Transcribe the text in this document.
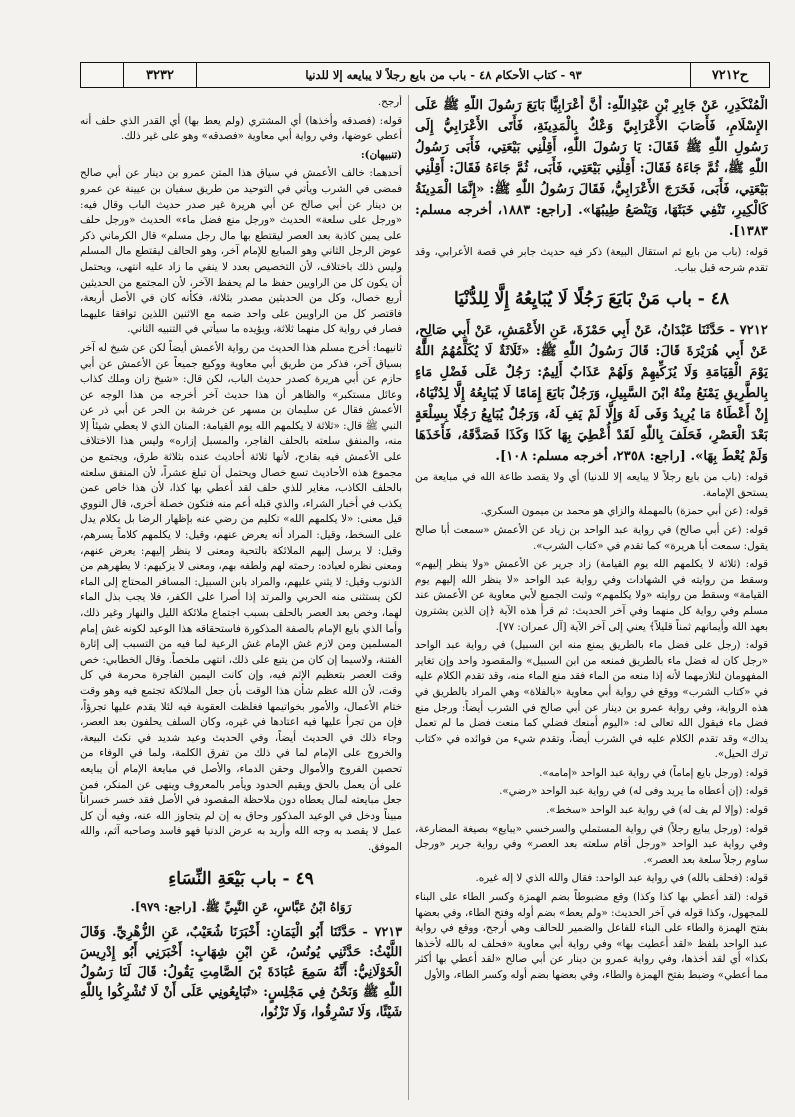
ح٧٢١٢
٩٣ - كتاب الأحكام ٤٨ - باب من بايع رجلاً لا يبايعه إلا للدنيا
٣٢٣٢

الْمُنْكَدِرِ، عَنْ جَابِرِ بْنِ عَبْدِاللّٰهِ: أَنَّ أَعْرَابِيًّا بَايَعَ رَسُولَ اللّٰهِ ﷺ عَلَى الإِسْلَامِ، فَأَصَابَ الأَعْرَابِيَّ وَعْكٌ بِالْمَدِينَةِ، فَأَتَى الأَعْرَابِيُّ إِلَى رَسُولِ اللّٰهِ ﷺ فَقَالَ: يَا رَسُولَ اللّٰهِ، أَقِلْنِي بَيْعَتِي، فَأَبَى رَسُولُ اللّٰهِ ﷺ، ثُمَّ جَاءَهُ فَقَالَ: أَقِلْنِي بَيْعَتِي، فَأَبَى، ثُمَّ جَاءَهُ فَقَالَ: أَقِلْنِي بَيْعَتِي، فَأَبَى، فَخَرَجَ الأَعْرَابِيُّ، فَقَالَ رَسُولُ اللّٰهِ ﷺ: «إِنَّمَا الْمَدِينَةُ كَالْكِيرِ، تَنْفِي خَبَثَهَا، وَيَنْصَعُ طِيبُهَا». [راجع: ١٨٨٣، أخرجه مسلم: ١٣٨٣].

قوله: (باب من بايع ثم استقال البيعة) ذكر فيه حديث جابر في قصة الأعرابي، وقد تقدم شرحه قبل بباب.

٤٨ - باب مَنْ بَايَعَ رَجُلًا لَا يُبَايِعُهُ إِلَّا لِلدُّنْيَا

٧٢١٢ - حَدَّثَنَا عَبْدَانُ، عَنْ أَبِي حَمْزَةَ، عَنِ الأَعْمَشِ، عَنْ أَبِي صَالِحٍ، عَنْ أَبِي هُرَيْرَةَ قَالَ: قَالَ رَسُولُ اللّٰهِ ﷺ: «ثَلَاثَةٌ لَا يُكَلِّمُهُمُ اللّٰهُ يَوْمَ الْقِيَامَةِ وَلَا يُزَكِّيهِمْ وَلَهُمْ عَذَابٌ أَلِيمٌ: رَجُلٌ عَلَى فَضْلِ مَاءٍ بِالطَّرِيقِ يَمْنَعُ مِنْهُ ابْنَ السَّبِيلِ، وَرَجُلٌ بَايَعَ إِمَامًا لَا يُبَايِعُهُ إِلَّا لِدُنْيَاهُ، إِنْ أَعْطَاهُ مَا يُرِيدُ وَفَى لَهُ وَإِلَّا لَمْ يَفِ لَهُ، وَرَجُلٌ يُبَايِعُ رَجُلًا بِسِلْعَةٍ بَعْدَ الْعَصْرِ، فَحَلَفَ بِاللّٰهِ لَقَدْ أُعْطِيَ بِهَا كَذَا وَكَذَا فَصَدَّقَهُ، فَأَخَذَهَا وَلَمْ يُعْطَ بِهَا». [راجع: ٢٣٥٨، أخرجه مسلم: ١٠٨].

قوله: (باب من بايع رجلاً لا يبايعه إلا للدنيا) أي ولا يقصد طاعة الله في مبايعة من يستحق الإمامة.

قوله: (عن أبي حمزة) بالمهملة والزاي هو محمد بن ميمون السكري.

قوله: (عن أبي صالح) في رواية عبد الواحد بن زياد عن الأعمش «سمعت أبا صالح يقول: سمعت أبا هريرة» كما تقدم في «كتاب الشرب».

قوله: (ثلاثة لا يكلمهم الله يوم القيامة) زاد جرير عن الأعمش «ولا ينظر إليهم» وسقط من روايته في الشهادات وفي رواية عبد الواحد «لا ينظر الله إليهم يوم القيامة» وسقط من روايته «ولا يكلمهم» وثبت الجميع لأبي معاوية عن الأعمش عند مسلم وفي رواية كل منهما وفي آخر الحديث: ثم قرأ هذه الآية ﴿إن الذين يشترون بعهد الله وأيمانهم ثمناً قليلاً﴾ يعني إلى آخر الآية [آل عمران: ٧٧].

قوله: (رجل على فضل ماء بالطريق يمنع منه ابن السبيل) في رواية عبد الواحد «رجل كان له فضل ماء بالطريق فمنعه من ابن السبيل» والمقصود واحد وإن تغاير المفهومان لتلازمهما لأنه إذا منعه من الماء فقد منع الماء منه، وقد تقدم الكلام عليه في «كتاب الشرب» ووقع في رواية أبي معاوية «بالفلاة» وهي المراد بالطريق في هذه الرواية، وفي رواية عمرو بن دينار عن أبي صالح في الشرب أيضاً: ورجل منع فضل ماء فيقول الله تعالى له: «اليوم أمنعك فضلي كما منعت فضل ما لم تعمل يداك» وقد تقدم الكلام عليه في الشرب أيضاً، وتقدم شيء من فوائده في «كتاب ترك الحيل».

قوله: (ورجل بايع إماماً) في رواية عبد الواحد «إمامه».

قوله: (إن أعطاه ما يريد وفى له) في رواية عبد الواحد «رضي».

قوله: (وإلا لم يف له) في رواية عبد الواحد «سخط».

قوله: (ورجل يبايع رجلاً) في رواية المستملي والسرخسي «يبايع» بصيغة المضارعة، وفي رواية عبد الواحد «ورجل أقام سلعته بعد العصر» وفي رواية جرير «ورجل ساوم رجلاً سلعة بعد العصر».

قوله: (فحلف بالله) في رواية عبد الواحد: فقال والله الذي لا إله غيره.

قوله: (لقد أعطي بها كذا وكذا) وقع مضبوطاً بضم الهمزة وكسر الطاء على البناء للمجهول، وكذا قوله في آخر الحديث: «ولم يعط» بضم أوله وفتح الطاء، وفي بعضها بفتح الهمزة والطاء على البناء للفاعل والضمير للحالف وهي أرجح، ووقع في رواية عبد الواحد بلفظ «لقد أعطيت بها» وفي رواية أبي معاوية «فحلف له بالله لأخذها بكذا» أي لقد أخذها، وفي رواية عمرو بن دينار عن أبي صالح «لقد أعطي بها أكثر مما أعطي» وضبط بفتح الهمزة والطاء، وفي بعضها بضم أوله وكسر الطاء، والأول

أرجح.

قوله: (فصدقه وأخذها) أي المشتري (ولم يعط بها) أي القدر الذي حلف أنه أعطي عوضها، وفي رواية أبي معاوية «فصدقه» وهو على غير ذلك.

(تنبيهان):

أحدهما: خالف الأعمش في سياق هذا المتن عمرو بن دينار عن أبي صالح فمضى في الشرب ويأتي في التوحيد من طريق سفيان بن عيينة عن عمرو بن دينار عن أبي صالح عن أبي هريرة غير صدر حديث الباب وقال فيه: «ورجل على سلعة» الحديث «ورجل منع فضل ماء» الحديث «ورجل حلف على يمين كاذبة بعد العصر ليقتطع بها مال رجل مسلم» قال الكرماني ذكر عوض الرجل الثاني وهو المبايع للإمام آخر، وهو الحالف ليقتطع مال المسلم وليس ذلك باختلاف، لأن التخصيص بعدد لا ينفي ما زاد عليه انتهى، ويحتمل أن يكون كل من الراويين حفظ ما لم يحفظ الآخر، لأن المجتمع من الحديثين أربع خصال، وكل من الحديثين مصدر بثلاثة، فكأنه كان في الأصل أربعة، فاقتصر كل من الراويين على واحد ضمه مع الاثنين اللذين توافقا عليهما فصار في رواية كل منهما ثلاثة، ويؤيده ما سيأتي في التنبيه الثاني.

ثانيهما: أخرج مسلم هذا الحديث من رواية الأعمش أيضاً لكن عن شيخ له آخر بسياق آخر، فذكر من طريق أبي معاوية ووكيع جميعاً عن الأعمش عن أبي حازم عن أبي هريرة كصدر حديث الباب، لكن قال: «شيخ زان وملك كذاب وعائل مستكبر» والظاهر أن هذا حديث آخر أخرجه من هذا الوجه عن الأعمش فقال عن سليمان بن مسهر عن خرشة بن الحر عن أبي ذر عن النبي ﷺ قال: «ثلاثة لا يكلمهم الله يوم القيامة: المنان الذي لا يعطي شيئاً إلا منه، والمنفق سلعته بالحلف الفاجر، والمسبل إزاره» وليس هذا الاختلاف على الأعمش فيه بقادح، لأنها ثلاثة أحاديث عنده بثلاثة طرق، ويجتمع من مجموع هذه الأحاديث تسع خصال ويحتمل أن تبلغ عشراً، لأن المنفق سلعته بالحلف الكاذب، مغاير للذي حلف لقد أعطي بها كذا، لأن هذا خاص عمن يكذب في أخبار الشراء، والذي قبله أعم منه فتكون خصلة أخرى، قال النووي قيل معنى: «لا يكلمهم الله» تكليم من رضي عنه بإظهار الرضا بل بكلام يدل على السخط، وقيل: المراد أنه يعرض عنهم، وقيل: لا يكلمهم كلاماً يسرهم، وقيل: لا يرسل إليهم الملائكة بالتحية ومعنى لا ينظر إليهم: يعرض عنهم، ومعنى نظره لعباده: رحمته لهم ولطفه بهم، ومعنى لا يزكيهم: لا يطهرهم من الذنوب وقيل: لا يثني عليهم، والمراد بابن السبيل: المسافر المحتاج إلى الماء لكن يستثنى منه الحربي والمرتد إذا أصرا على الكفر، فلا يجب بذل الماء لهما، وخص بعد العصر بالحلف بسبب اجتماع ملائكة الليل والنهار وغير ذلك، وأما الذي بايع الإمام بالصفة المذكورة فاستحقاقه هذا الوعيد لكونه غش إمام المسلمين ومن لازم غش الإمام غش الرعية لما فيه من التسبب إلى إثارة الفتنة، ولاسيما إن كان من يتبع على ذلك، انتهى ملخصاً. وقال الخطابي: خص وقت العصر بتعظيم الإثم فيه، وإن كانت اليمين الفاجرة محرمة في كل وقت، لأن الله عظم شأن هذا الوقت بأن جعل الملائكة تجتمع فيه وهو وقت ختام الأعمال، والأمور بخواتيمها فغلظت العقوبة فيه لئلا يقدم عليها تجرؤاً، فإن من تجرأ عليها فيه اعتادها في غيره، وكان السلف يحلفون بعد العصر، وجاء ذلك في الحديث أيضاً، وفي الحديث وعيد شديد في نكث البيعة، والخروج على الإمام لما في ذلك من تفرق الكلمة، ولما في الوفاء من تحصين الفروج والأموال وحقن الدماء، والأصل في مبايعة الإمام أن يبايعه على أن يعمل بالحق ويقيم الحدود ويأمر بالمعروف وينهى عن المنكر، فمن جعل مبايعته لمال يعطاه دون ملاحظة المقصود في الأصل فقد خسر خسراناً مبيناً ودخل في الوعيد المذكور وحاق به إن لم يتجاوز الله عنه، وفيه أن كل عمل لا يقصد به وجه الله وأريد به عرض الدنيا فهو فاسد وصاحبه آثم، والله الموفق.

٤٩ - باب بَيْعَةِ النِّسَاءِ

رَوَاهُ ابْنُ عَبَّاسٍ، عَنِ النَّبِيِّ ﷺ. [راجع: ٩٧٩].

٧٢١٣ - حَدَّثَنَا أَبُو الْيَمَانِ: أَخْبَرَنَا شُعَيْبٌ، عَنِ الزُّهْرِيِّ. وَقَالَ اللَّيْثُ: حَدَّثَنِي يُونُسُ، عَنِ ابْنِ شِهَابٍ: أَخْبَرَنِي أَبُو إِدْرِيسَ الْخَوْلَانِيُّ: أَنَّهُ سَمِعَ عُبَادَةَ بْنَ الصَّامِتِ يَقُولُ: قَالَ لَنَا رَسُولُ اللّٰهِ ﷺ وَنَحْنُ فِي مَجْلِسٍ: «تُبَايِعُونِي عَلَى أَنْ لَا تُشْرِكُوا بِاللّٰهِ شَيْئًا، وَلَا تَسْرِقُوا، وَلَا تَزْنُوا،
